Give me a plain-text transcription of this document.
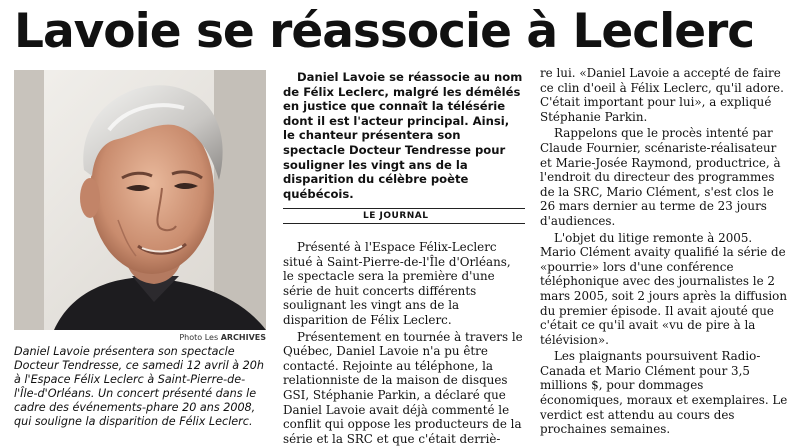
Lavoie se réassocie à Leclerc
Photo Les ARCHIVES

Daniel Lavoie présentera son spectacle Docteur Tendresse, ce samedi 12 avril à 20h à l'Espace Félix Leclerc à Saint-Pierre-de-l'Île-d'Orléans. Un concert présenté dans le cadre des événements-phare 20 ans 2008, qui souligne la disparition de Félix Leclerc.

Daniel Lavoie se réassocie au nom de Félix Leclerc, malgré les démêlés en justice que connaît la télésérie dont il est l'acteur principal. Ainsi, le chanteur présentera son spectacle Docteur Tendresse pour souligner les vingt ans de la disparition du célèbre poète québécois.

LE JOURNAL

Présenté à l'Espace Félix-Leclerc situé à Saint-Pierre-de-l'Île d'Orléans, le spectacle sera la première d'une série de huit concerts différents soulignant les vingt ans de la disparition de Félix Leclerc.

Présentement en tournée à travers le Québec, Daniel Lavoie n'a pu être contacté. Rejointe au téléphone, la relationniste de la maison de disques GSI, Stéphanie Parkin, a déclaré que Daniel Lavoie avait déjà commenté le conflit qui oppose les producteurs de la série et la SRC et que c'était derriè-

re lui. «Daniel Lavoie a accepté de faire ce clin d'oeil à Félix Leclerc, qu'il adore. C'était important pour lui», a expliqué Stéphanie Parkin.

Rappelons que le procès intenté par Claude Fournier, scénariste-réalisateur et Marie-Josée Raymond, productrice, à l'endroit du directeur des programmes de la SRC, Mario Clément, s'est clos le 26 mars dernier au terme de 23 jours d'audiences.

L'objet du litige remonte à 2005. Mario Clément avaity qualifié la série de «pourrie» lors d'une conférence téléphonique avec des journalistes le 2 mars 2005, soit 2 jours après la diffusion du premier épisode. Il avait ajouté que c'était ce qu'il avait «vu de pire à la télévision».

Les plaignants poursuivent Radio-Canada et Mario Clément pour 3,5 millions $, pour dommages économiques, moraux et exemplaires. Le verdict est attendu au cours des prochaines semaines.
